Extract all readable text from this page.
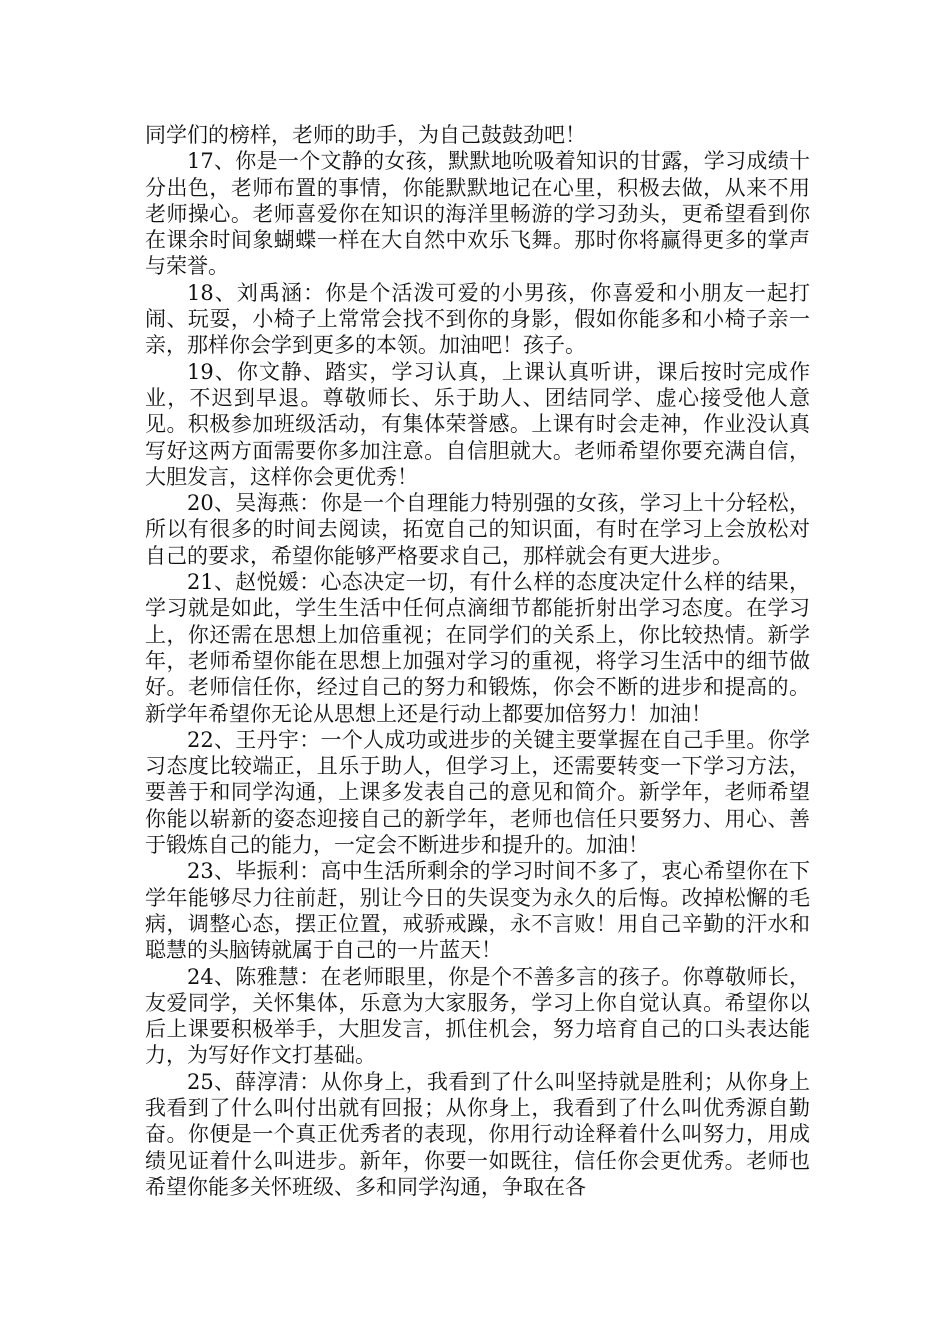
同学们的榜样，老师的助手，为自己鼓鼓劲吧！

17、你是一个文静的女孩，默默地吮吸着知识的甘露，学习成绩十分出色，老师布置的事情，你能默默地记在心里，积极去做，从来不用老师操心。老师喜爱你在知识的海洋里畅游的学习劲头，更希望看到你在课余时间象蝴蝶一样在大自然中欢乐飞舞。那时你将赢得更多的掌声与荣誉。

18、刘禹涵：你是个活泼可爱的小男孩，你喜爱和小朋友一起打闹、玩耍，小椅子上常常会找不到你的身影，假如你能多和小椅子亲一亲，那样你会学到更多的本领。加油吧！孩子。

19、你文静、踏实，学习认真，上课认真听讲，课后按时完成作业，不迟到早退。尊敬师长、乐于助人、团结同学、虚心接受他人意见。积极参加班级活动，有集体荣誉感。上课有时会走神，作业没认真写好这两方面需要你多加注意。自信胆就大。老师希望你要充满自信，大胆发言，这样你会更优秀！

20、吴海燕：你是一个自理能力特别强的女孩，学习上十分轻松，所以有很多的时间去阅读，拓宽自己的知识面，有时在学习上会放松对自己的要求，希望你能够严格要求自己，那样就会有更大进步。

21、赵悦媛：心态决定一切，有什么样的态度决定什么样的结果，学习就是如此，学生生活中任何点滴细节都能折射出学习态度。在学习上，你还需在思想上加倍重视；在同学们的关系上，你比较热情。新学年，老师希望你能在思想上加强对学习的重视，将学习生活中的细节做好。老师信任你，经过自己的努力和锻炼，你会不断的进步和提高的。新学年希望你无论从思想上还是行动上都要加倍努力！加油！

22、王丹宇：一个人成功或进步的关键主要掌握在自己手里。你学习态度比较端正，且乐于助人，但学习上，还需要转变一下学习方法，要善于和同学沟通，上课多发表自己的意见和简介。新学年，老师希望你能以崭新的姿态迎接自己的新学年，老师也信任只要努力、用心、善于锻炼自己的能力，一定会不断进步和提升的。加油！

23、毕振利：高中生活所剩余的学习时间不多了，衷心希望你在下学年能够尽力往前赶，别让今日的失误变为永久的后悔。改掉松懈的毛病，调整心态，摆正位置，戒骄戒躁，永不言败！用自己辛勤的汗水和聪慧的头脑铸就属于自己的一片蓝天！

24、陈雅慧：在老师眼里，你是个不善多言的孩子。你尊敬师长，友爱同学，关怀集体，乐意为大家服务，学习上你自觉认真。希望你以后上课要积极举手，大胆发言，抓住机会，努力培育自己的口头表达能力，为写好作文打基础。

25、薛淳清：从你身上，我看到了什么叫坚持就是胜利；从你身上我看到了什么叫付出就有回报；从你身上，我看到了什么叫优秀源自勤奋。你便是一个真正优秀者的表现，你用行动诠释着什么叫努力，用成绩见证着什么叫进步。新年，你要一如既往，信任你会更优秀。老师也希望你能多关怀班级、多和同学沟通，争取在各
